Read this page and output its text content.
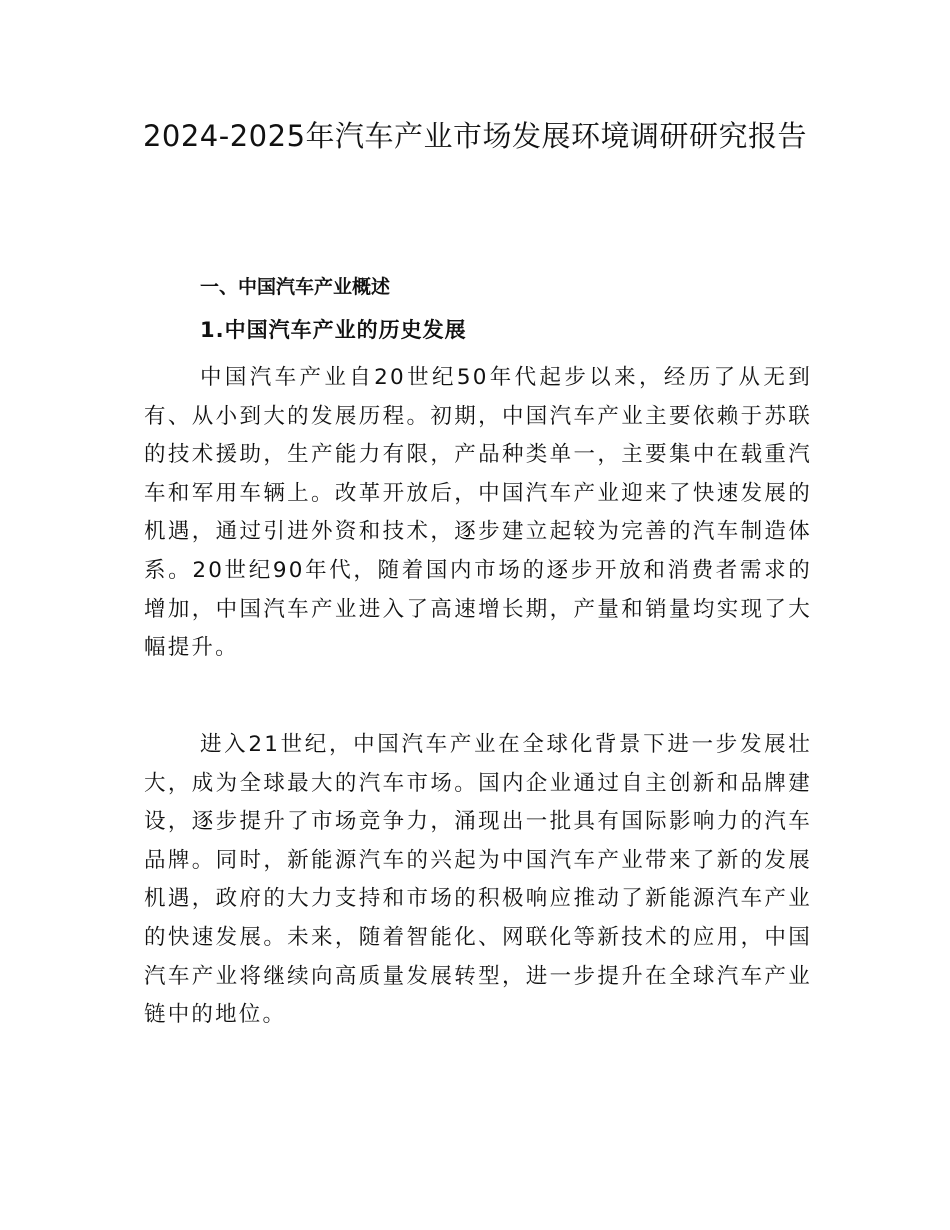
2024-2025年汽车产业市场发展环境调研研究报告
一、中国汽车产业概述
1.中国汽车产业的历史发展

中国汽车产业自20世纪50年代起步以来，经历了从无到有、从小到大的发展历程。初期，中国汽车产业主要依赖于苏联的技术援助，生产能力有限，产品种类单一，主要集中在载重汽车和军用车辆上。改革开放后，中国汽车产业迎来了快速发展的机遇，通过引进外资和技术，逐步建立起较为完善的汽车制造体系。20世纪90年代，随着国内市场的逐步开放和消费者需求的增加，中国汽车产业进入了高速增长期，产量和销量均实现了大幅提升。

进入21世纪，中国汽车产业在全球化背景下进一步发展壮大，成为全球最大的汽车市场。国内企业通过自主创新和品牌建设，逐步提升了市场竞争力，涌现出一批具有国际影响力的汽车品牌。同时，新能源汽车的兴起为中国汽车产业带来了新的发展机遇，政府的大力支持和市场的积极响应推动了新能源汽车产业的快速发展。未来，随着智能化、网联化等新技术的应用，中国汽车产业将继续向高质量发展转型，进一步提升在全球汽车产业链中的地位。
